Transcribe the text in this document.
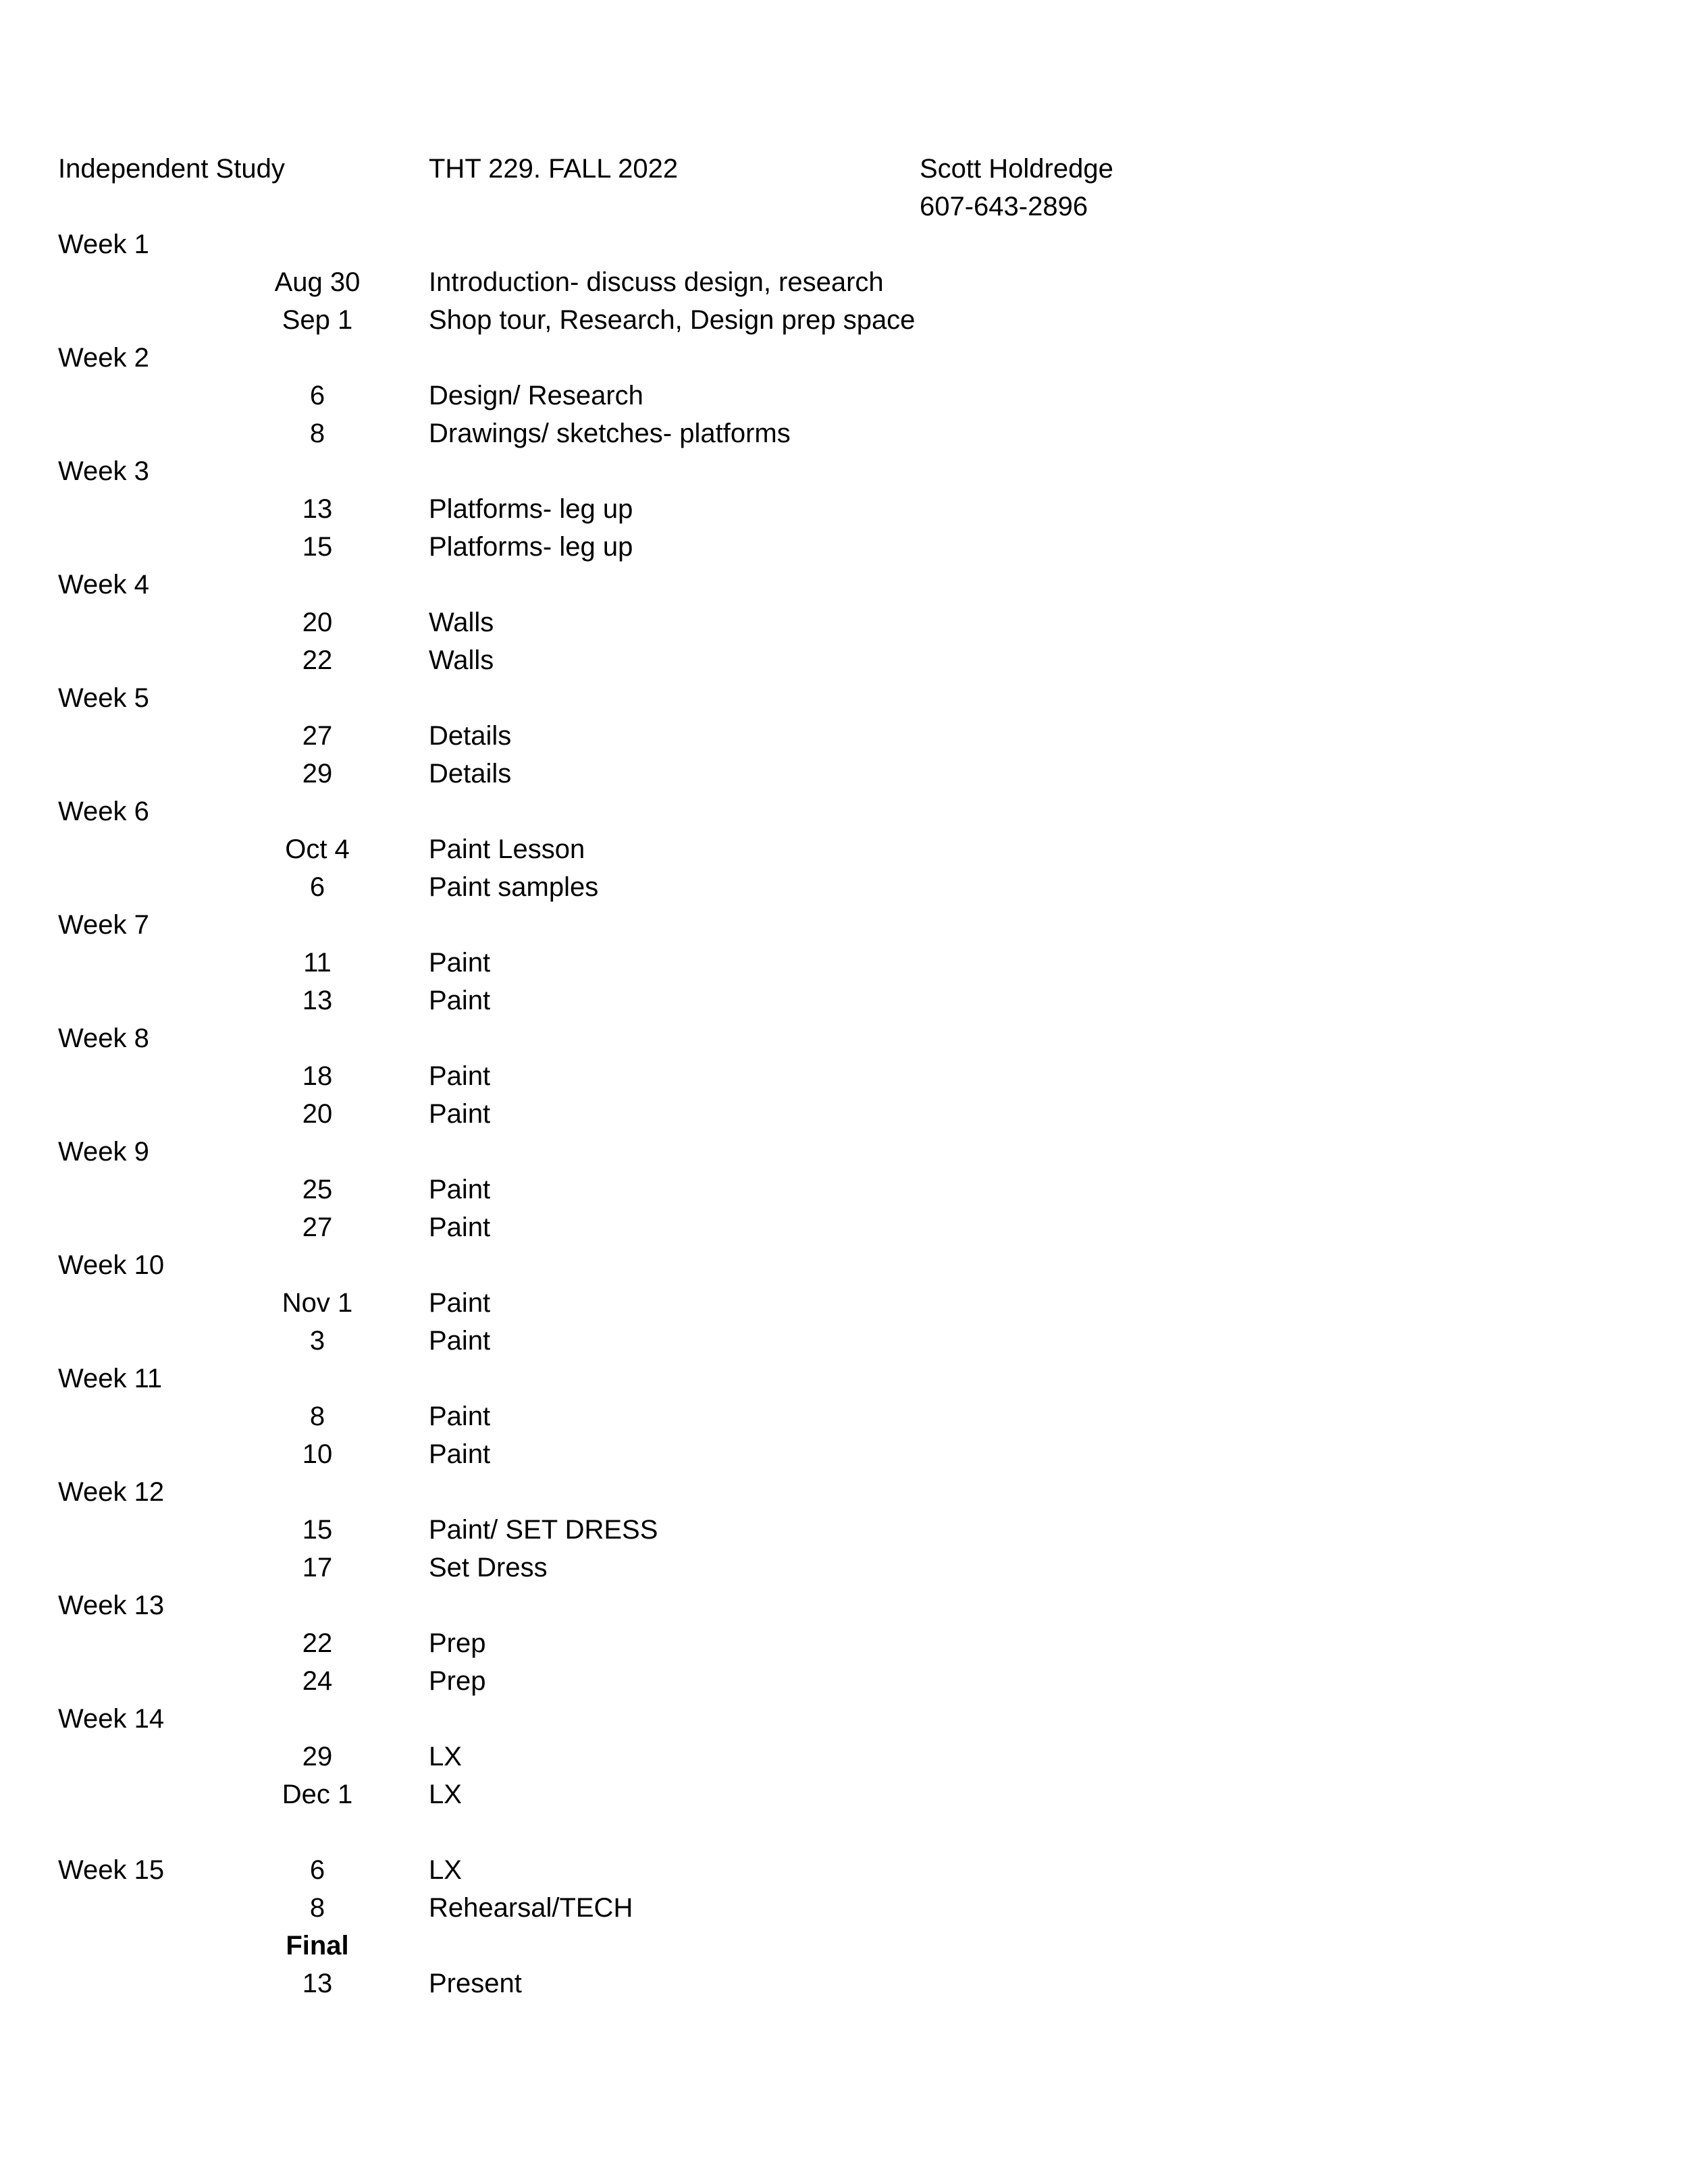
Independent Study	THT 229. FALL 2022	Scott Holdredge
607-643-2896
Week 1
Aug 30	Introduction- discuss design, research
Sep 1	Shop tour, Research, Design prep space
Week 2
6	Design/ Research
8	Drawings/ sketches- platforms
Week 3
13	Platforms- leg up
15	Platforms- leg up
Week 4
20	Walls
22	Walls
Week 5
27	Details
29	Details
Week 6
Oct 4	Paint Lesson
6	Paint samples
Week 7
11	Paint
13	Paint
Week 8
18	Paint
20	Paint
Week 9
25	Paint
27	Paint
Week 10
Nov 1	Paint
3	Paint
Week 11
8	Paint
10	Paint
Week 12
15	Paint/ SET DRESS
17	Set Dress
Week 13
22	Prep
24	Prep
Week 14
29	LX
Dec 1	LX
Week 15	6	LX
8	Rehearsal/TECH
Final
13	Present
